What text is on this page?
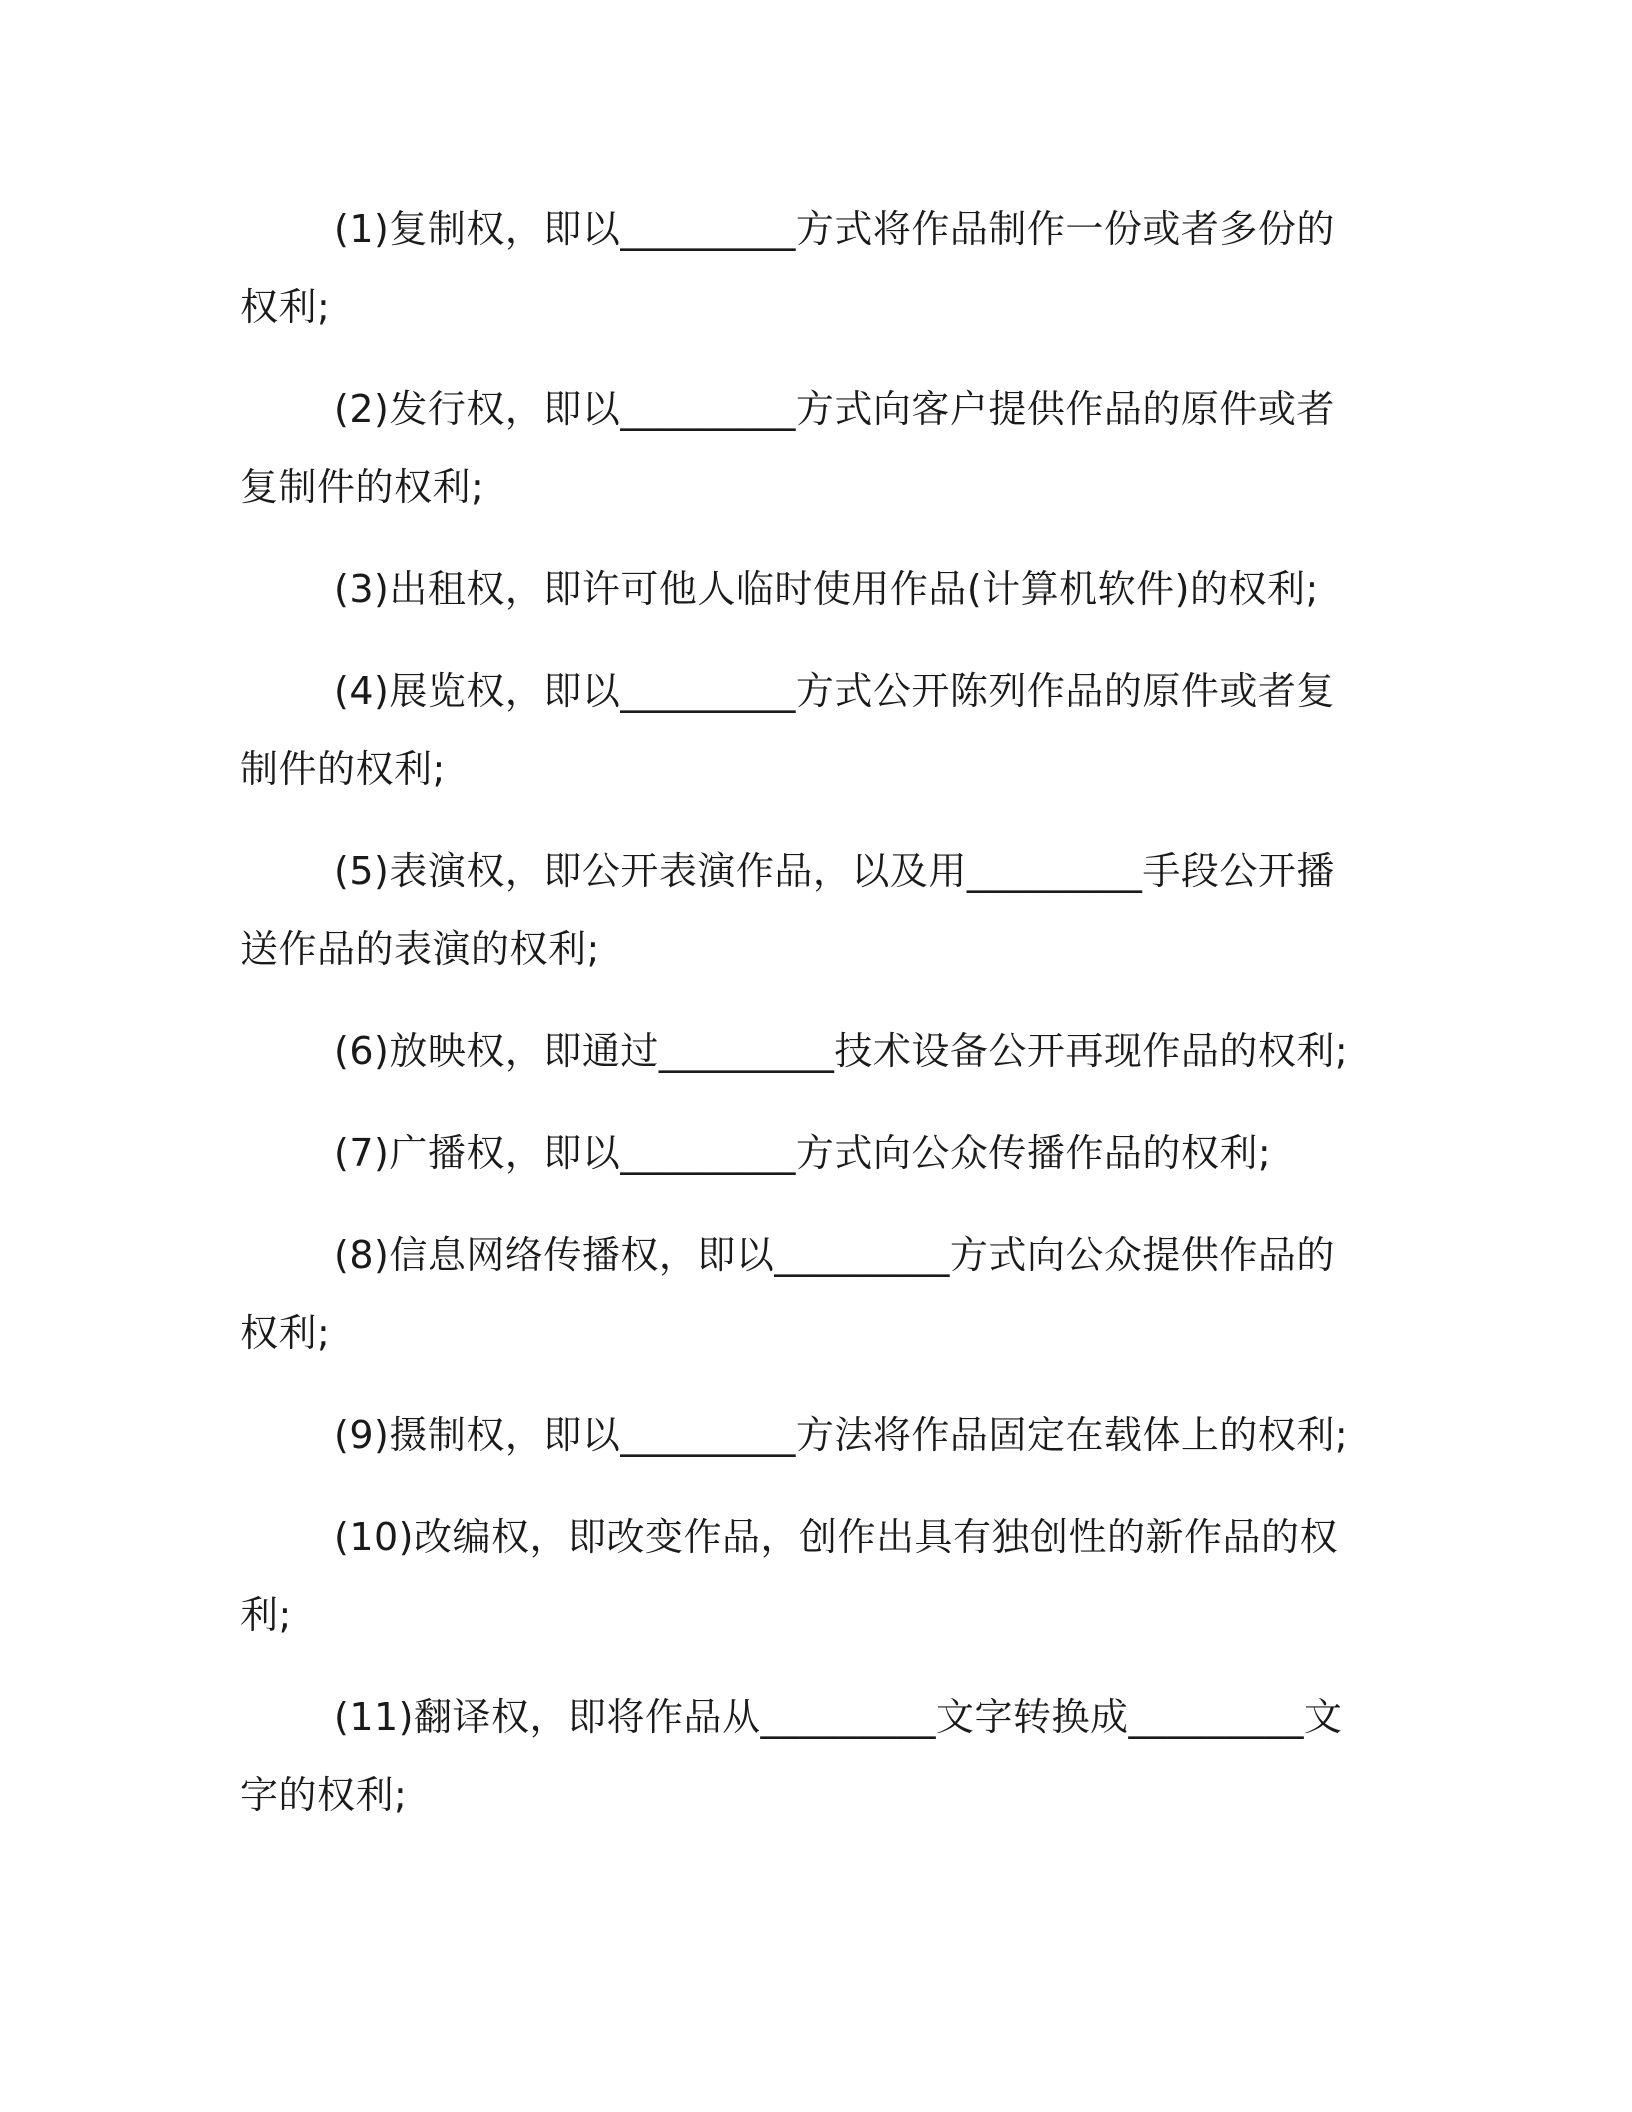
(1)复制权，即以_________方式将作品制作一份或者多份的权利;

(2)发行权，即以_________方式向客户提供作品的原件或者复制件的权利;

(3)出租权，即许可他人临时使用作品(计算机软件)的权利;

(4)展览权，即以_________方式公开陈列作品的原件或者复制件的权利;

(5)表演权，即公开表演作品，以及用_________手段公开播送作品的表演的权利;

(6)放映权，即通过_________技术设备公开再现作品的权利;

(7)广播权，即以_________方式向公众传播作品的权利;

(8)信息网络传播权，即以_________方式向公众提供作品的权利;

(9)摄制权，即以_________方法将作品固定在载体上的权利;

(10)改编权，即改变作品，创作出具有独创性的新作品的权利;

(11)翻译权，即将作品从_________文字转换成_________文字的权利;
